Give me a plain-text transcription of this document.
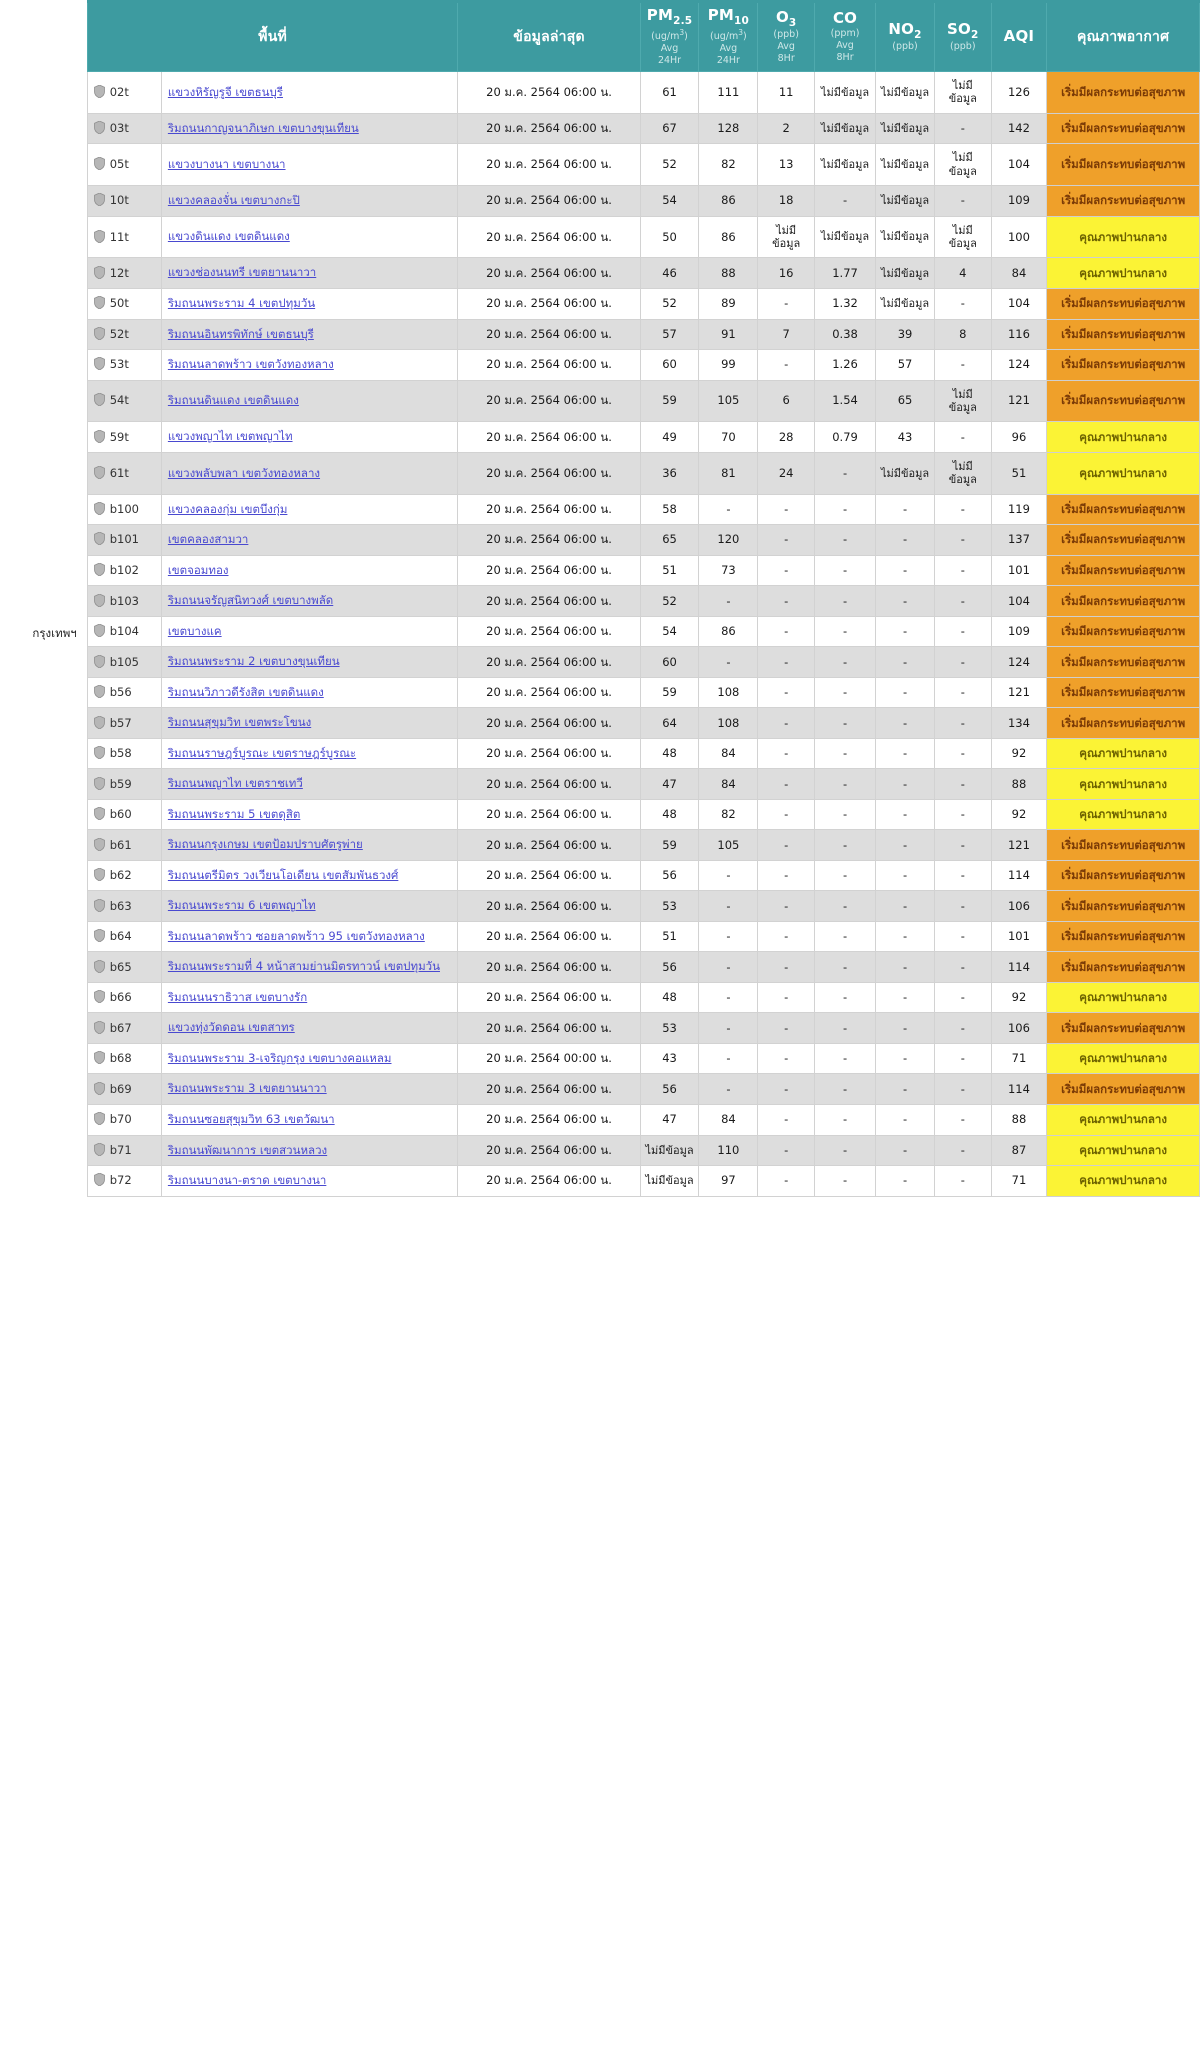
	พื้นที่		ข้อมูลล่าสุด	$PM_{2.5}$
$(ug/m^3)$
Avg
24Hr	$PM_{10}$
$(ug/m^3)$
Avg
24Hr	$O_3$
(ppb)
Avg
8Hr	CO
(ppm)
Avg
8Hr	$NO_2$
(ppb)	$SO_2$
(ppb)	AQI	คุณภาพอากาศ

กรุงเทพฯ	02t	แขวงหิรัญรูจี เขตธนบุรี	20 ม.ค. 2564 06:00 น.	61	111	11	ไม่มีข้อมูล	ไม่มีข้อมูล	ไม่มีข้อมูล	126	เริ่มมีผลกระทบต่อสุขภาพ
	03t	ริมถนนกาญจนาภิเษก เขตบางขุนเทียน	20 ม.ค. 2564 06:00 น.	67	128	2	ไม่มีข้อมูล	ไม่มีข้อมูล	-	142	เริ่มมีผลกระทบต่อสุขภาพ
	05t	แขวงบางนา เขตบางนา	20 ม.ค. 2564 06:00 น.	52	82	13	ไม่มีข้อมูล	ไม่มีข้อมูล	ไม่มีข้อมูล	104	เริ่มมีผลกระทบต่อสุขภาพ
	10t	แขวงคลองจั่น เขตบางกะปิ	20 ม.ค. 2564 06:00 น.	54	86	18	-	ไม่มีข้อมูล	-	109	เริ่มมีผลกระทบต่อสุขภาพ
	11t	แขวงดินแดง เขตดินแดง	20 ม.ค. 2564 06:00 น.	50	86	ไม่มีข้อมูล	ไม่มีข้อมูล	ไม่มีข้อมูล	ไม่มีข้อมูล	100	คุณภาพปานกลาง
	12t	แขวงช่องนนทรี เขตยานนาวา	20 ม.ค. 2564 06:00 น.	46	88	16	1.77	ไม่มีข้อมูล	4	84	คุณภาพปานกลาง
	50t	ริมถนนพระราม 4 เขตปทุมวัน	20 ม.ค. 2564 06:00 น.	52	89	-	1.32	ไม่มีข้อมูล	-	104	เริ่มมีผลกระทบต่อสุขภาพ
	52t	ริมถนนอินทรพิทักษ์ เขตธนบุรี	20 ม.ค. 2564 06:00 น.	57	91	7	0.38	39	8	116	เริ่มมีผลกระทบต่อสุขภาพ
	53t	ริมถนนลาดพร้าว เขตวังทองหลาง	20 ม.ค. 2564 06:00 น.	60	99	-	1.26	57	-	124	เริ่มมีผลกระทบต่อสุขภาพ
	54t	ริมถนนดินแดง เขตดินแดง	20 ม.ค. 2564 06:00 น.	59	105	6	1.54	65	ไม่มีข้อมูล	121	เริ่มมีผลกระทบต่อสุขภาพ
	59t	แขวงพญาไท เขตพญาไท	20 ม.ค. 2564 06:00 น.	49	70	28	0.79	43	-	96	คุณภาพปานกลาง
	61t	แขวงพลับพลา เขตวังทองหลาง	20 ม.ค. 2564 06:00 น.	36	81	24	-	ไม่มีข้อมูล	ไม่มีข้อมูล	51	คุณภาพปานกลาง
	b100	แขวงคลองกุ่ม เขตบึงกุ่ม	20 ม.ค. 2564 06:00 น.	58	-	-	-	-	-	119	เริ่มมีผลกระทบต่อสุขภาพ
	b101	เขตคลองสามวา	20 ม.ค. 2564 06:00 น.	65	120	-	-	-	-	137	เริ่มมีผลกระทบต่อสุขภาพ
	b102	เขตจอมทอง	20 ม.ค. 2564 06:00 น.	51	73	-	-	-	-	101	เริ่มมีผลกระทบต่อสุขภาพ
	b103	ริมถนนจรัญสนิทวงศ์ เขตบางพลัด	20 ม.ค. 2564 06:00 น.	52	-	-	-	-	-	104	เริ่มมีผลกระทบต่อสุขภาพ
	b104	เขตบางแค	20 ม.ค. 2564 06:00 น.	54	86	-	-	-	-	109	เริ่มมีผลกระทบต่อสุขภาพ
	b105	ริมถนนพระราม 2 เขตบางขุนเทียน	20 ม.ค. 2564 06:00 น.	60	-	-	-	-	-	124	เริ่มมีผลกระทบต่อสุขภาพ
	b56	ริมถนนวิภาวดีรังสิต เขตดินแดง	20 ม.ค. 2564 06:00 น.	59	108	-	-	-	-	121	เริ่มมีผลกระทบต่อสุขภาพ
	b57	ริมถนนสุขุมวิท เขตพระโขนง	20 ม.ค. 2564 06:00 น.	64	108	-	-	-	-	134	เริ่มมีผลกระทบต่อสุขภาพ
	b58	ริมถนนราษฎร์บูรณะ เขตราษฎร์บูรณะ	20 ม.ค. 2564 06:00 น.	48	84	-	-	-	-	92	คุณภาพปานกลาง
	b59	ริมถนนพญาไท เขตราชเทวี	20 ม.ค. 2564 06:00 น.	47	84	-	-	-	-	88	คุณภาพปานกลาง
	b60	ริมถนนพระราม 5 เขตดุสิต	20 ม.ค. 2564 06:00 น.	48	82	-	-	-	-	92	คุณภาพปานกลาง
	b61	ริมถนนกรุงเกษม เขตป้อมปราบศัตรูพ่าย	20 ม.ค. 2564 06:00 น.	59	105	-	-	-	-	121	เริ่มมีผลกระทบต่อสุขภาพ
	b62	ริมถนนตรีมิตร วงเวียนโอเดียน เขตสัมพันธวงศ์	20 ม.ค. 2564 06:00 น.	56	-	-	-	-	-	114	เริ่มมีผลกระทบต่อสุขภาพ
	b63	ริมถนนพระราม 6 เขตพญาไท	20 ม.ค. 2564 06:00 น.	53	-	-	-	-	-	106	เริ่มมีผลกระทบต่อสุขภาพ
	b64	ริมถนนลาดพร้าว ซอยลาดพร้าว 95 เขตวังทองหลาง	20 ม.ค. 2564 06:00 น.	51	-	-	-	-	-	101	เริ่มมีผลกระทบต่อสุขภาพ
	b65	ริมถนนพระรามที่ 4 หน้าสามย่านมิตรทาวน์ เขตปทุมวัน	20 ม.ค. 2564 06:00 น.	56	-	-	-	-	-	114	เริ่มมีผลกระทบต่อสุขภาพ
	b66	ริมถนนนราธิวาส เขตบางรัก	20 ม.ค. 2564 06:00 น.	48	-	-	-	-	-	92	คุณภาพปานกลาง
	b67	แขวงทุ่งวัดดอน เขตสาทร	20 ม.ค. 2564 06:00 น.	53	-	-	-	-	-	106	เริ่มมีผลกระทบต่อสุขภาพ
	b68	ริมถนนพระราม 3-เจริญกรุง เขตบางคอแหลม	20 ม.ค. 2564 00:00 น.	43	-	-	-	-	-	71	คุณภาพปานกลาง
	b69	ริมถนนพระราม 3 เขตยานนาวา	20 ม.ค. 2564 06:00 น.	56	-	-	-	-	-	114	เริ่มมีผลกระทบต่อสุขภาพ
	b70	ริมถนนซอยสุขุมวิท 63 เขตวัฒนา	20 ม.ค. 2564 06:00 น.	47	84	-	-	-	-	88	คุณภาพปานกลาง
	b71	ริมถนนพัฒนาการ เขตสวนหลวง	20 ม.ค. 2564 06:00 น.	ไม่มีข้อมูล	110	-	-	-	-	87	คุณภาพปานกลาง
	b72	ริมถนนบางนา-ตราด เขตบางนา	20 ม.ค. 2564 06:00 น.	ไม่มีข้อมูล	97	-	-	-	-	71	คุณภาพปานกลาง
